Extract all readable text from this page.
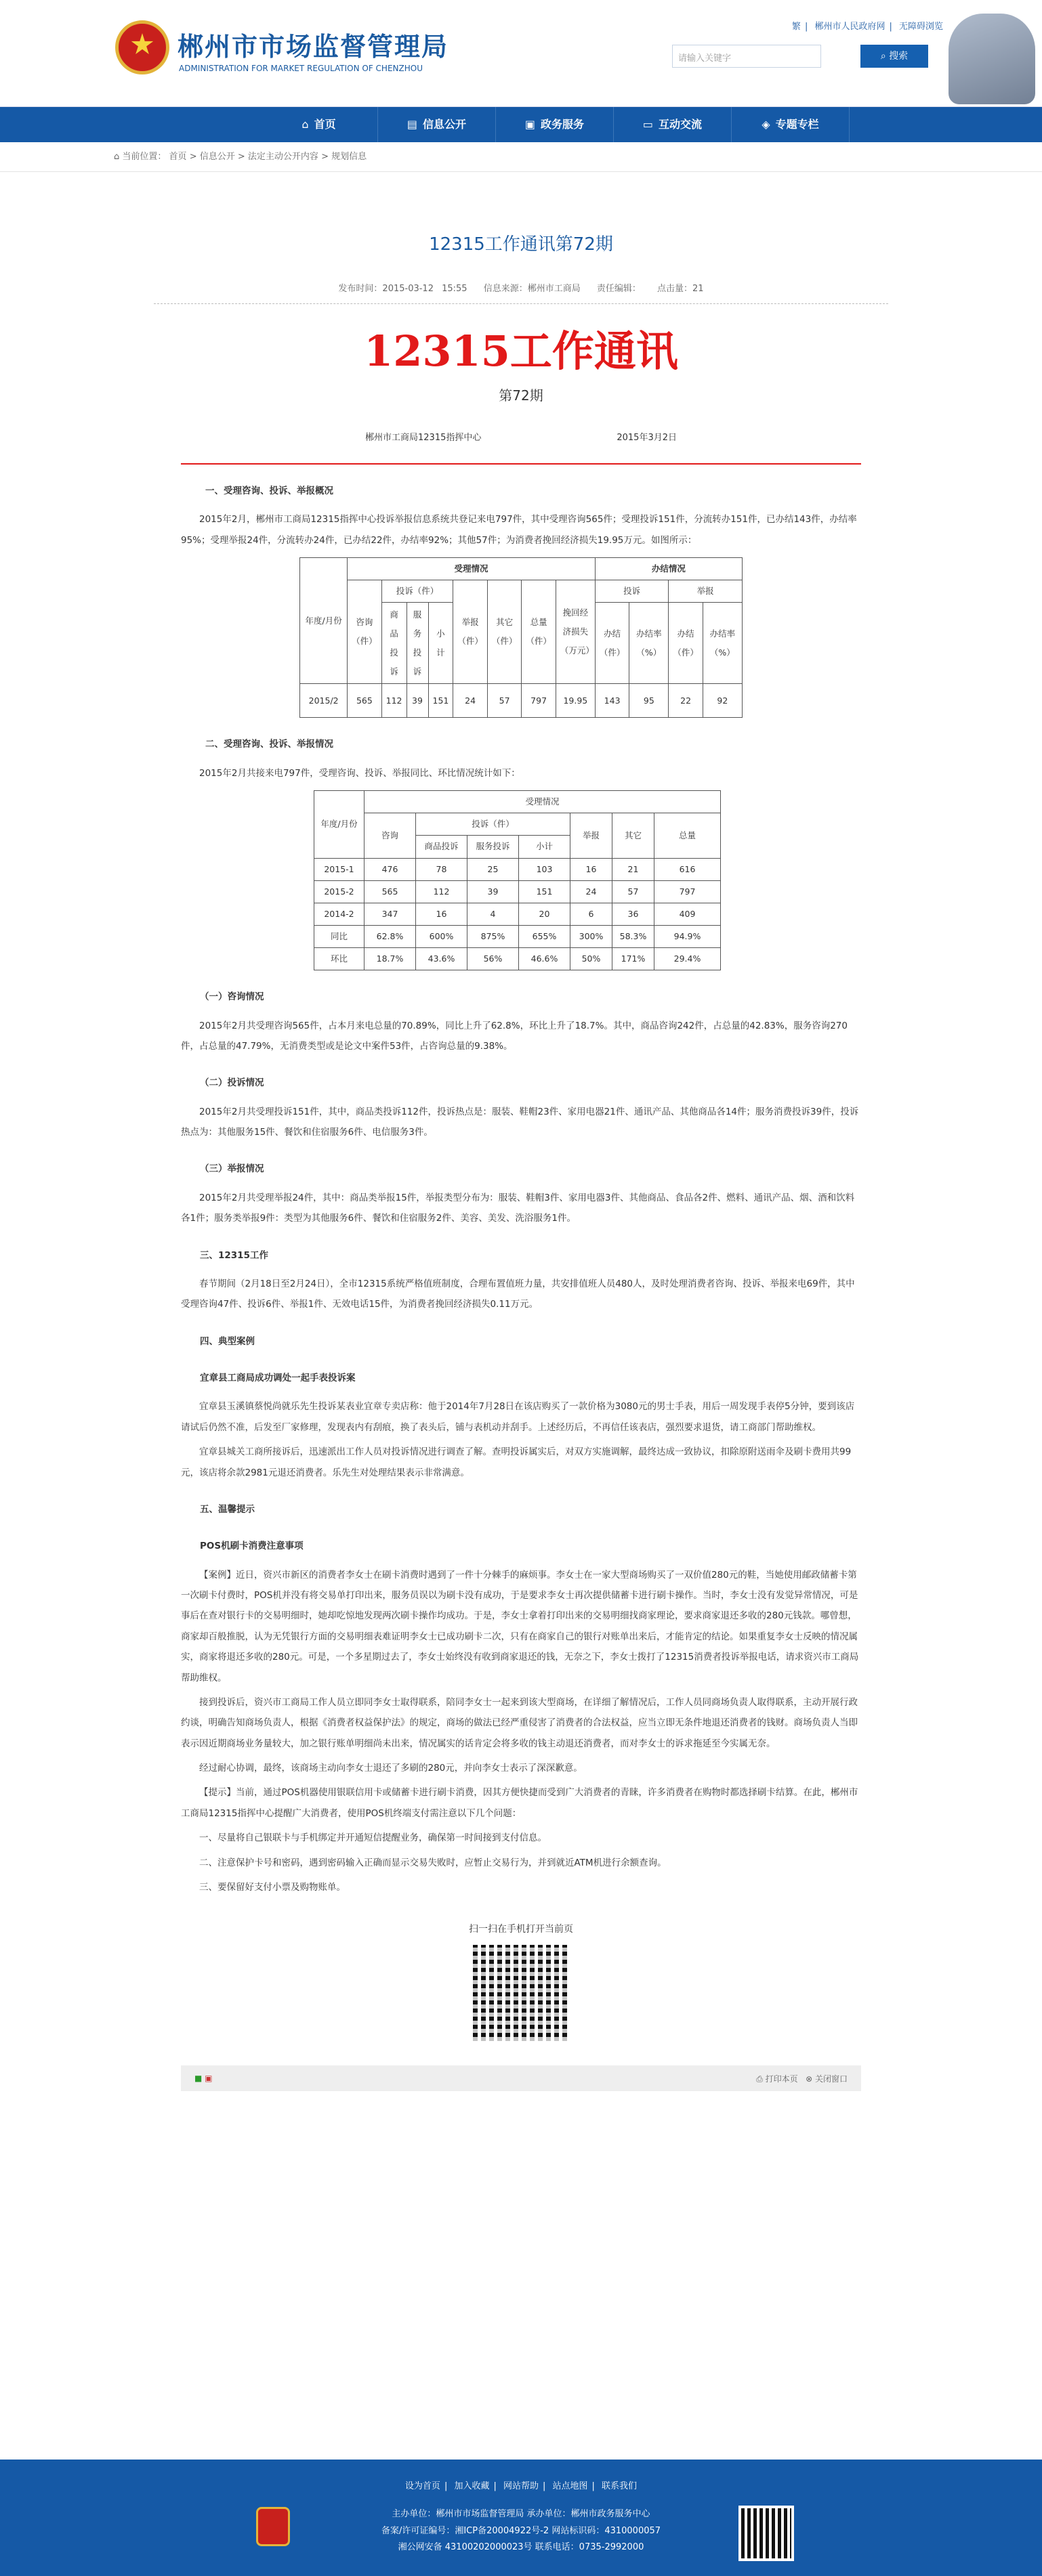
郴州市市场监督管理局
ADMINISTRATION FOR MARKET REGULATION OF CHENZHOU
繁 | 郴州市人民政府网 | 无障碍浏览
请输入关键字	⌕ 搜索
⌂ 首页	▤ 信息公开	▣ 政务服务	▭ 互动交流	◈ 专题专栏
⌂ 当前位置： 首页 > 信息公开 > 法定主动公开内容 > 规划信息
12315工作通讯第72期
发布时间：2015-03-12 15:55 信息来源：郴州市工商局 责任编辑： 点击量：21
12315工作通讯
第72期
郴州市工商局12315指挥中心	2015年3月2日
一、受理咨询、投诉、举报概况
2015年2月，郴州市工商局12315指挥中心投诉举报信息系统共登记来电797件，其中受理咨询565件；受理投诉151件，分流转办151件，已办结143件，办结率95%；受理举报24件，分流转办24件，已办结22件，办结率92%；其他57件；为消费者挽回经济损失19.95万元。如图所示：
年度/月份	受理情况								办结情况			
	咨询（件）	投诉（件）			举报（件）	其它（件）	总量（件）	挽回经济损失（万元）	投诉		举报	
		商品投诉	服务投诉	小计					办结（件）	办结率（%）	办结（件）	办结率（%）
2015/2	565	112	39	151	24	57	797	19.95	143	95	22	92
二、受理咨询、投诉、举报情况
2015年2月共接来电797件，受理咨询、投诉、举报同比、环比情况统计如下：
年度/月份	受理情况						
	咨询	投诉（件）			举报	其它	总量
		商品投诉	服务投诉	小计			
2015-1	476	78	25	103	16	21	616
2015-2	565	112	39	151	24	57	797
2014-2	347	16	4	20	6	36	409
同比	62.8%	600%	875%	655%	300%	58.3%	94.9%
环比	18.7%	43.6%	56%	46.6%	50%	171%	29.4%
（一）咨询情况
2015年2月共受理咨询565件，占本月来电总量的70.89%，同比上升了62.8%，环比上升了18.7%。其中，商品咨询242件，占总量的42.83%，服务咨询270件，占总量的47.79%，无消费类型或是论文中案件53件，占咨询总量的9.38%。
（二）投诉情况
2015年2月共受理投诉151件，其中，商品类投诉112件，投诉热点是：服装、鞋帽23件、家用电器21件、通讯产品、其他商品各14件；服务消费投诉39件，投诉热点为：其他服务15件、餐饮和住宿服务6件、电信服务3件。
（三）举报情况
2015年2月共受理举报24件，其中：商品类举报15件，举报类型分布为：服装、鞋帽3件、家用电器3件、其他商品、食品各2件、燃料、通讯产品、烟、酒和饮料各1件；服务类举报9件：类型为其他服务6件、餐饮和住宿服务2件、美容、美发、洗浴服务1件。
三、12315工作
春节期间（2月18日至2月24日），全市12315系统严格值班制度，合理布置值班力量，共安排值班人员480人，及时处理消费者咨询、投诉、举报来电69件，其中受理咨询47件、投诉6件、举报1件、无效电话15件，为消费者挽回经济损失0.11万元。
四、典型案例
宜章县工商局成功调处一起手表投诉案
宜章县玉溪镇蔡悦尚就乐先生投诉某表业宜章专卖店称：他于2014年7月28日在该店购买了一款价格为3080元的男士手表，用后一周发现手表停5分钟，要到该店请试后仍然不准，后发至厂家修理，发现表内有刮痕，换了表头后，铺与表机动并刮手。上述经历后，不再信任该表店，强烈要求退货，请工商部门帮助维权。
宜章县城关工商所接诉后，迅速派出工作人员对投诉情况进行调查了解。查明投诉属实后，对双方实施调解，最终达成一致协议，扣除原附送雨伞及刷卡费用共99元，该店将余款2981元退还消费者。乐先生对处理结果表示非常满意。
五、温馨提示
POS机刷卡消费注意事项
【案例】近日，资兴市新区的消费者李女士在刷卡消费时遇到了一件十分棘手的麻烦事。李女士在一家大型商场购买了一双价值280元的鞋，当她使用邮政储蓄卡第一次刷卡付费时，POS机并没有将交易单打印出来，服务员误以为刷卡没有成功，于是要求李女士再次提供储蓄卡进行刷卡操作。当时，李女士没有发觉异常情况，可是事后在查对银行卡的交易明细时，她却吃惊地发现两次刷卡操作均成功。于是，李女士拿着打印出来的交易明细找商家理论，要求商家退还多收的280元钱款。哪曾想，商家却百般推脱，认为无凭银行方面的交易明细表难证明李女士已成功刷卡二次，只有在商家自己的银行对账单出来后，才能肯定的结论。如果重复李女士反映的情况属实，商家将退还多收的280元。可是，一个多星期过去了，李女士始终没有收到商家退还的钱，无奈之下，李女士拨打了12315消费者投诉举报电话，请求资兴市工商局帮助维权。
接到投诉后，资兴市工商局工作人员立即同李女士取得联系，陪同李女士一起来到该大型商场，在详细了解情况后，工作人员同商场负责人取得联系，主动开展行政约谈，明确告知商场负责人，根据《消费者权益保护法》的规定，商场的做法已经严重侵害了消费者的合法权益，应当立即无条件地退还消费者的钱财。商场负责人当即表示因近期商场业务量较大，加之银行账单明细尚未出来，情况属实的话肯定会将多收的钱主动退还消费者，而对李女士的诉求拖延至今实属无奈。
经过耐心协调，最终，该商场主动向李女士退还了多刷的280元，并向李女士表示了深深歉意。
【提示】当前，通过POS机器使用银联信用卡或储蓄卡进行刷卡消费，因其方便快捷而受到广大消费者的青睐，许多消费者在购物时都选择刷卡结算。在此，郴州市工商局12315指挥中心提醒广大消费者，使用POS机终端支付需注意以下几个问题：
一、尽量将自己银联卡与手机绑定并开通短信提醒业务，确保第一时间接到支付信息。
二、注意保护卡号和密码，遇到密码输入正确而显示交易失败时，应暂止交易行为，并到就近ATM机进行余额查询。
三、要保留好支付小票及购物账单。
扫一扫在手机打开当前页
■ ▣	⎙ 打印本页 ⊗ 关闭窗口
设为首页 | 加入收藏 | 网站帮助 | 站点地图 | 联系我们
主办单位：郴州市市场监督管理局 承办单位：郴州市政务服务中心
备案/许可证编号：湘ICP备20004922号-2 网站标识码：4310000057
湘公网安备 43100202000023号 联系电话：0735-2992000
